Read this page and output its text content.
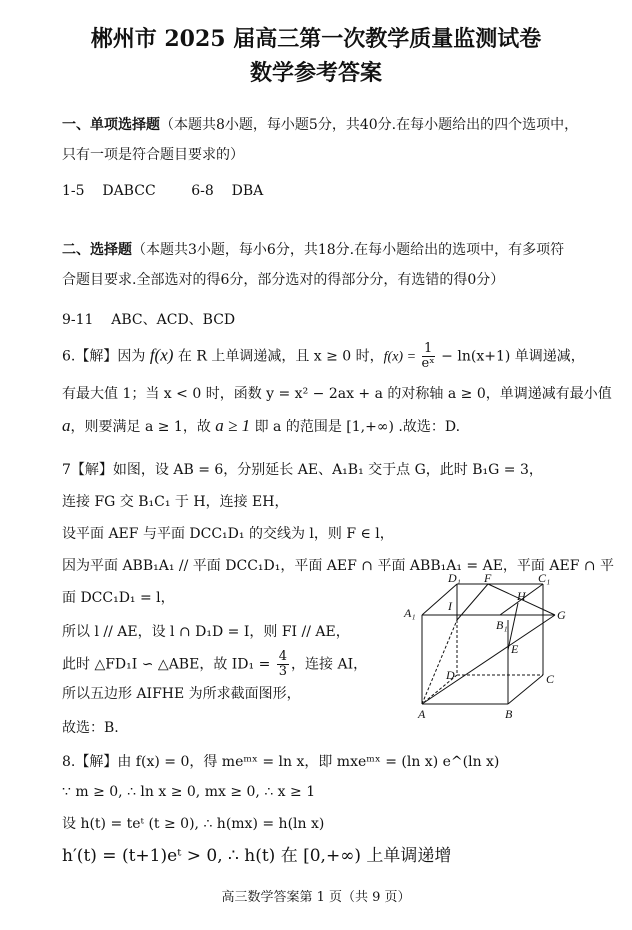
郴州市 2025 届高三第一次教学质量监测试卷
数学参考答案
一、单项选择题（本题共8小题，每小题5分，共40分.在每小题给出的四个选项中，
只有一项是符合题目要求的）
1-5    DABCC        6-8    DBA
二、选择题（本题共3小题，每小6分，共18分.在每小题给出的选项中，有多项符
合题目要求.全部选对的得6分，部分选对的得部分分，有选错的得0分）
9-11    ABC、ACD、BCD
6.【解】因为 f(x) 在 R 上单调递减，且 x ≥ 0 时，$f(x) = \frac{1}{\text{eˣ}} - \ln(x+1)$ 单调递减，
有最大值 1；当 x < 0 时，函数 y = x² − 2ax + a 的对称轴 a ≥ 0，单调递减有最小值
a，则要满足 a ≥ 1，故 a ≥ 1 即 a 的范围是 [1,+∞) .故选：D.
7【解】如图，设 AB = 6，分别延长 AE、A₁B₁ 交于点 G，此时 B₁G = 3，
连接 FG 交 B₁C₁ 于 H，连接 EH，
设平面 AEF 与平面 DCC₁D₁ 的交线为 l，则 F ∈ l，
因为平面 ABB₁A₁ // 平面 DCC₁D₁，平面 AEF ∩ 平面 ABB₁A₁ = AE，平面 AEF ∩ 平
面 DCC₁D₁ = l，
所以 l // AE，设 l ∩ D₁D = I，则 FI // AE，
此时 △FD₁I ∽ △ABE，故 $ID_1 = \frac{4}{3}$ ，连接 AI，
所以五边形 AIFHE 为所求截面图形，
故选：B.
D₁ F	C₁
H
A₁	I
B₁
G
E
D	C
A	B
8.【解】由 f(x) = 0，得 meᵐˣ = ln x，即 mxeᵐˣ = (ln x) e^(ln x)
∵ m ≥ 0, ∴ ln x ≥ 0, mx ≥ 0, ∴ x ≥ 1
设 h(t) = teᵗ (t ≥ 0), ∴ h(mx) = h(ln x)
h′(t) = (t+1)eᵗ > 0, ∴ h(t) 在 [0,+∞) 上单调递增
高三数学答案第 1 页（共 9 页）
